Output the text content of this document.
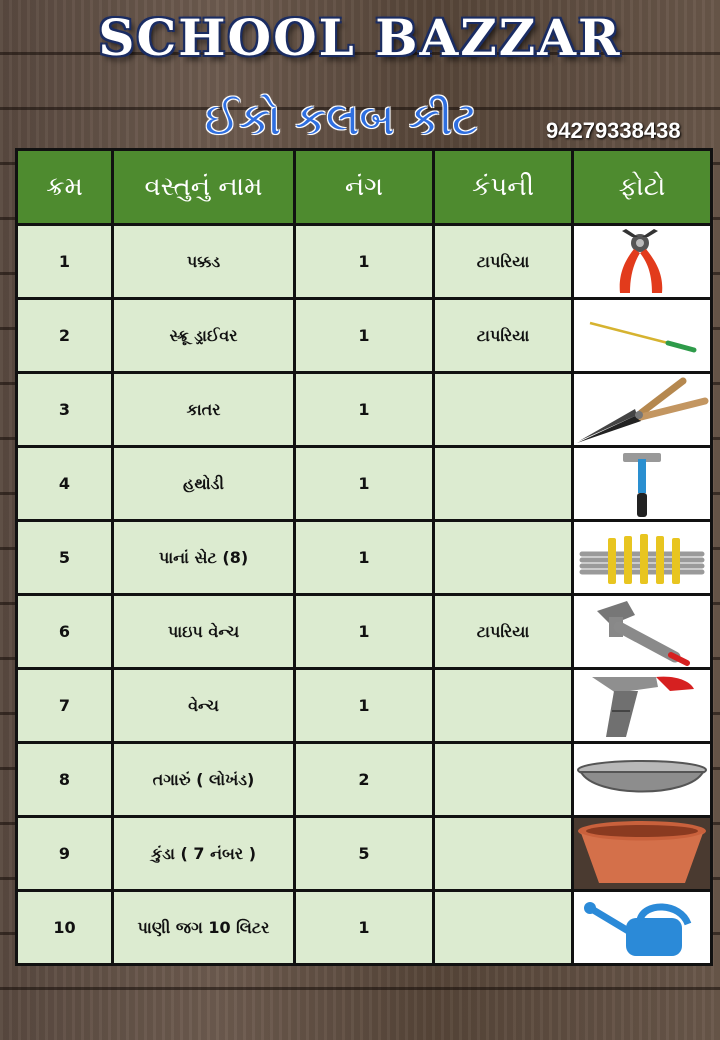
SCHOOL BAZZAR
ઈકો કલબ કીટ	94279338438
ક્રમ	વસ્તુનું નામ	નંગ	કંપની	ફોટો
1	પક્કડ	1	ટાપરિયા	

2	સ્ક્રૂ ડ્રાઈવર	1	ટાપરિયા	

3	કાતર	1		

4	હથોડી	1		

5	પાનાં સેટ (8)	1		

6	પાઇપ વેન્ચ	1	ટાપરિયા	

7	વેન્ચ	1		

8	તગારું ( લોખંડ)	2		

9	કુંડા ( 7 નંબર )	5		

10	પાણી જગ 10 લિટર	1		
